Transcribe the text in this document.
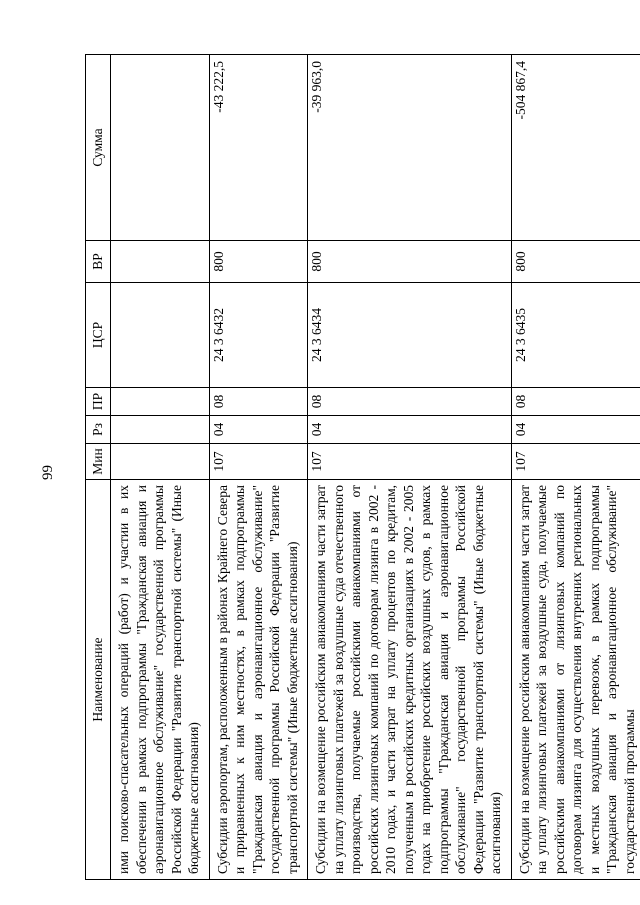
99
Наименование	Мин	Рз	ПР	ЦСР	ВР	Сумма
ими поисково-спасательных операций (работ) и участии в их обеспечении в рамках подпрограммы "Гражданская авиация и аэронавигационное обслуживание" государственной программы Российской Федерации "Развитие транспортной системы" (Иные бюджетные ассигнования)						
Субсидии аэропортам, расположенным в районах Крайнего Севера и приравненных к ним местностях, в рамках подпрограммы "Гражданская авиация и аэронавигационное обслуживание" государственной программы Российской Федерации "Развитие транспортной системы" (Иные бюджетные ассигнования)	107	04	08	24 3 6432	800	-43 222,5
Субсидии на возмещение российским авиакомпаниям части затрат на уплату лизинговых платежей за воздушные суда отечественного производства, получаемые российскими авиакомпаниями от российских лизинговых компаний по договорам лизинга в 2002 - 2010 годах, и части затрат на уплату процентов по кредитам, полученным в российских кредитных организациях в 2002 - 2005 годах на приобретение российских воздушных судов, в рамках подпрограммы "Гражданская авиация и аэронавигационное обслуживание" государственной программы Российской Федерации "Развитие транспортной системы" (Иные бюджетные ассигнования)	107	04	08	24 3 6434	800	-39 963,0
Субсидии на возмещение российским авиакомпаниям части затрат на уплату лизинговых платежей за воздушные суда, получаемые российскими авиакомпаниями от лизинговых компаний по договорам лизинга для осуществления внутренних региональных и местных воздушных перевозок, в рамках подпрограммы "Гражданская авиация и аэронавигационное обслуживание" государственной программы	107	04	08	24 3 6435	800	-504 867,4
